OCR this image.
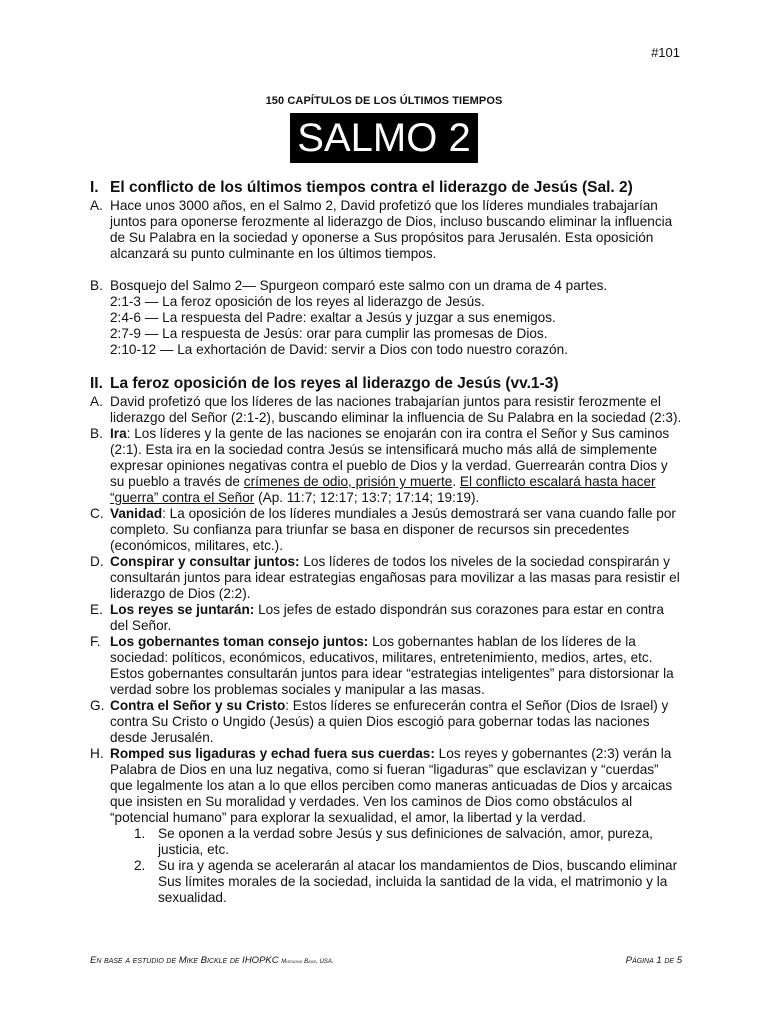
#101
150 CAPÍTULOS DE LOS ÚLTIMOS TIEMPOS
SALMO 2
I. El conflicto de los últimos tiempos contra el liderazgo de Jesús (Sal. 2)
A. Hace unos 3000 años, en el Salmo 2, David profetizó que los líderes mundiales trabajarían juntos para oponerse ferozmente al liderazgo de Dios, incluso buscando eliminar la influencia de Su Palabra en la sociedad y oponerse a Sus propósitos para Jerusalén. Esta oposición alcanzará su punto culminante en los últimos tiempos.
B. Bosquejo del Salmo 2— Spurgeon comparó este salmo con un drama de 4 partes.
2:1-3 — La feroz oposición de los reyes al liderazgo de Jesús.
2:4-6 — La respuesta del Padre: exaltar a Jesús y juzgar a sus enemigos.
2:7-9 — La respuesta de Jesús: orar para cumplir las promesas de Dios.
2:10-12 — La exhortación de David: servir a Dios con todo nuestro corazón.
II. La feroz oposición de los reyes al liderazgo de Jesús (vv.1-3)
A. David profetizó que los líderes de las naciones trabajarían juntos para resistir ferozmente el liderazgo del Señor (2:1-2), buscando eliminar la influencia de Su Palabra en la sociedad (2:3).
B. Ira: Los líderes y la gente de las naciones se enojarán con ira contra el Señor y Sus caminos (2:1). Esta ira en la sociedad contra Jesús se intensificará mucho más allá de simplemente expresar opiniones negativas contra el pueblo de Dios y la verdad. Guerrearán contra Dios y su pueblo a través de crímenes de odio, prisión y muerte. El conflicto escalará hasta hacer “guerra” contra el Señor (Ap. 11:7; 12:17; 13:7; 17:14; 19:19).
C. Vanidad: La oposición de los líderes mundiales a Jesús demostrará ser vana cuando falle por completo. Su confianza para triunfar se basa en disponer de recursos sin precedentes (económicos, militares, etc.).
D. Conspirar y consultar juntos: Los líderes de todos los niveles de la sociedad conspirarán y consultarán juntos para idear estrategias engañosas para movilizar a las masas para resistir el liderazgo de Dios (2:2).
E. Los reyes se juntarán: Los jefes de estado dispondrán sus corazones para estar en contra del Señor.
F. Los gobernantes toman consejo juntos: Los gobernantes hablan de los líderes de la sociedad: políticos, económicos, educativos, militares, entretenimiento, medios, artes, etc. Estos gobernantes consultarán juntos para idear “estrategias inteligentes” para distorsionar la verdad sobre los problemas sociales y manipular a las masas.
G. Contra el Señor y su Cristo: Estos líderes se enfurecerán contra el Señor (Dios de Israel) y contra Su Cristo o Ungido (Jesús) a quien Dios escogió para gobernar todas las naciones desde Jerusalén.
H. Romped sus ligaduras y echad fuera sus cuerdas: Los reyes y gobernantes (2:3) verán la Palabra de Dios en una luz negativa, como si fueran “ligaduras” que esclavizan y “cuerdas” que legalmente los atan a lo que ellos perciben como maneras anticuadas de Dios y arcaicas que insisten en Su moralidad y verdades. Ven los caminos de Dios como obstáculos al “potencial humano” para explorar la sexualidad, el amor, la libertad y la verdad.
1. Se oponen a la verdad sobre Jesús y sus definiciones de salvación, amor, pureza, justicia, etc.
2. Su ira y agenda se acelerarán al atacar los mandamientos de Dios, buscando eliminar Sus límites morales de la sociedad, incluida la santidad de la vida, el matrimonio y la sexualidad.
En base a estudio de Mike Bickle de IHOPKC Missions Base, USA.	Página 1 de 5
